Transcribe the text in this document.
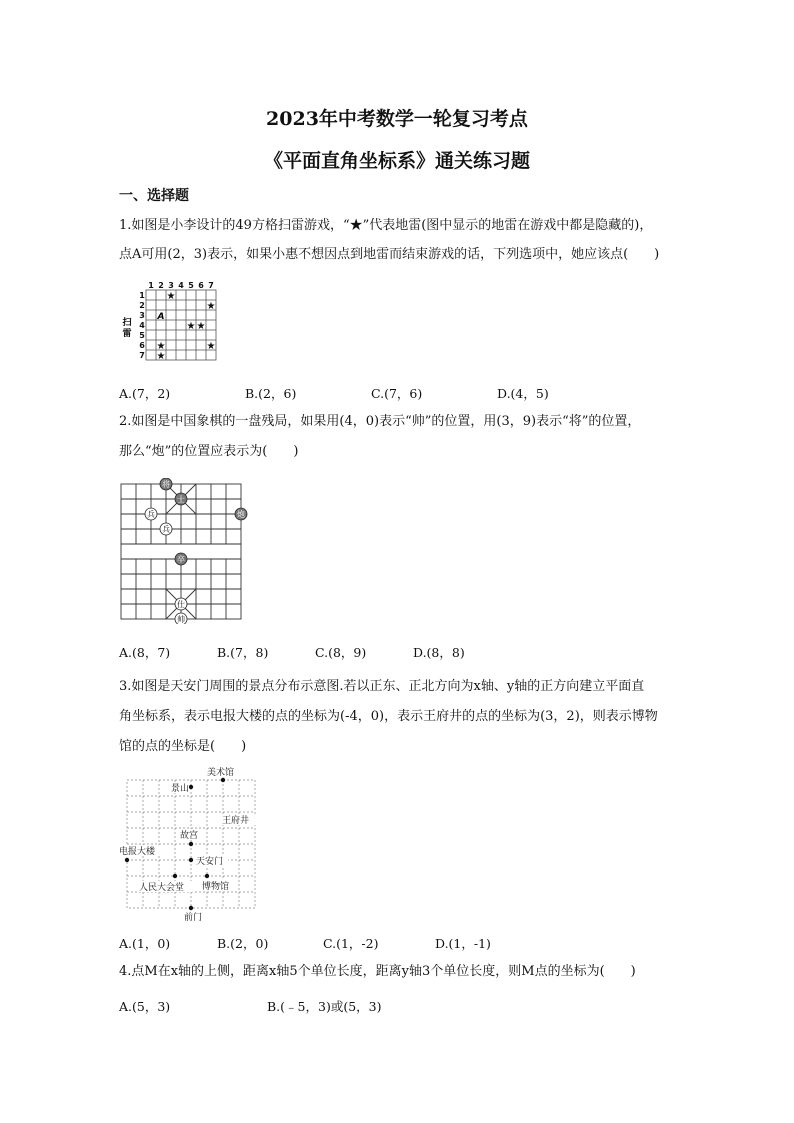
2023年中考数学一轮复习考点
《平面直角坐标系》通关练习题
一、选择题
1.如图是小李设计的49方格扫雷游戏，“★”代表地雷(图中显示的地雷在游戏中都是隐藏的)，
点A可用(2，3)表示，如果小惠不想因点到地雷而结束游戏的话，下列选项中，她应该点(　　)
1 2 3 4 5 6 7
1
2
3
4
5
6
7
扫
雷
A
★
★
★ ★
★
★
★
A.(7，2)	B.(2，6)	C.(7，6)	D.(4，5)
2.如图是中国象棋的一盘残局，如果用(4，0)表示“帅”的位置，用(3，9)表示“将”的位置，
那么“炮”的位置应表示为(　　)
将
士
兵
兵
炮
卒
仕
帅
A.(8，7)	B.(7，8)	C.(8，9)	D.(8，8)
3.如图是天安门周围的景点分布示意图.若以正东、正北方向为x轴、y轴的正方向建立平面直
角坐标系，表示电报大楼的点的坐标为(-4，0)，表示王府井的点的坐标为(3，2)，则表示博物
馆的点的坐标是(　　)
美术馆
景山
王府井
故宫
电报大楼
天安门
人民大会堂 博物馆
前门
A.(1，0)	B.(2，0)	C.(1，-2)	D.(1，-1)
4.点M在x轴的上侧，距离x轴5个单位长度，距离y轴3个单位长度，则M点的坐标为(　　)
A.(5，3)	B.(﹣5，3)或(5，3)
